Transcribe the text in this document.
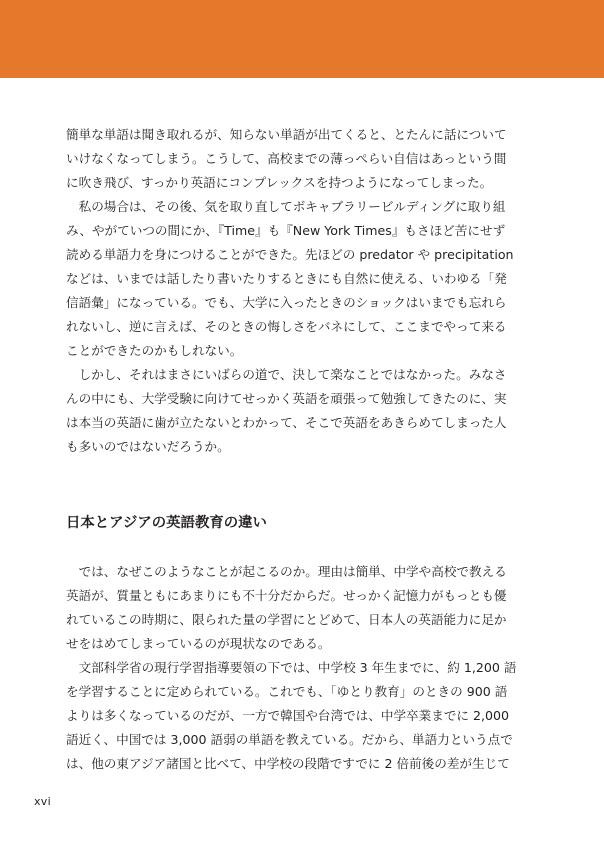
簡単な単語は聞き取れるが、知らない単語が出てくると、とたんに話について
いけなくなってしまう。こうして、高校までの薄っぺらい自信はあっという間
に吹き飛び、すっかり英語にコンプレックスを持つようになってしまった。
　私の場合は、その後、気を取り直してボキャブラリービルディングに取り組
み、やがていつの間にか、『Time』も『New York Times』もさほど苦にせず
読める単語力を身につけることができた。先ほどの predator や precipitation
などは、いまでは話したり書いたりするときにも自然に使える、いわゆる「発
信語彙」になっている。でも、大学に入ったときのショックはいまでも忘れら
れないし、逆に言えば、そのときの悔しさをバネにして、ここまでやって来る
ことができたのかもしれない。
　しかし、それはまさにいばらの道で、決して楽なことではなかった。みなさ
んの中にも、大学受験に向けてせっかく英語を頑張って勉強してきたのに、実
は本当の英語に歯が立たないとわかって、そこで英語をあきらめてしまった人
も多いのではないだろうか。
日本とアジアの英語教育の違い
　では、なぜこのようなことが起こるのか。理由は簡単、中学や高校で教える
英語が、質量ともにあまりにも不十分だからだ。せっかく記憶力がもっとも優
れているこの時期に、限られた量の学習にとどめて、日本人の英語能力に足か
せをはめてしまっているのが現状なのである。
　文部科学省の現行学習指導要領の下では、中学校 3 年生までに、約 1,200 語
を学習することに定められている。これでも、「ゆとり教育」のときの 900 語
よりは多くなっているのだが、一方で韓国や台湾では、中学卒業までに 2,000
語近く、中国では 3,000 語弱の単語を教えている。だから、単語力という点で
は、他の東アジア諸国と比べて、中学校の段階ですでに 2 倍前後の差が生じて
xvi
